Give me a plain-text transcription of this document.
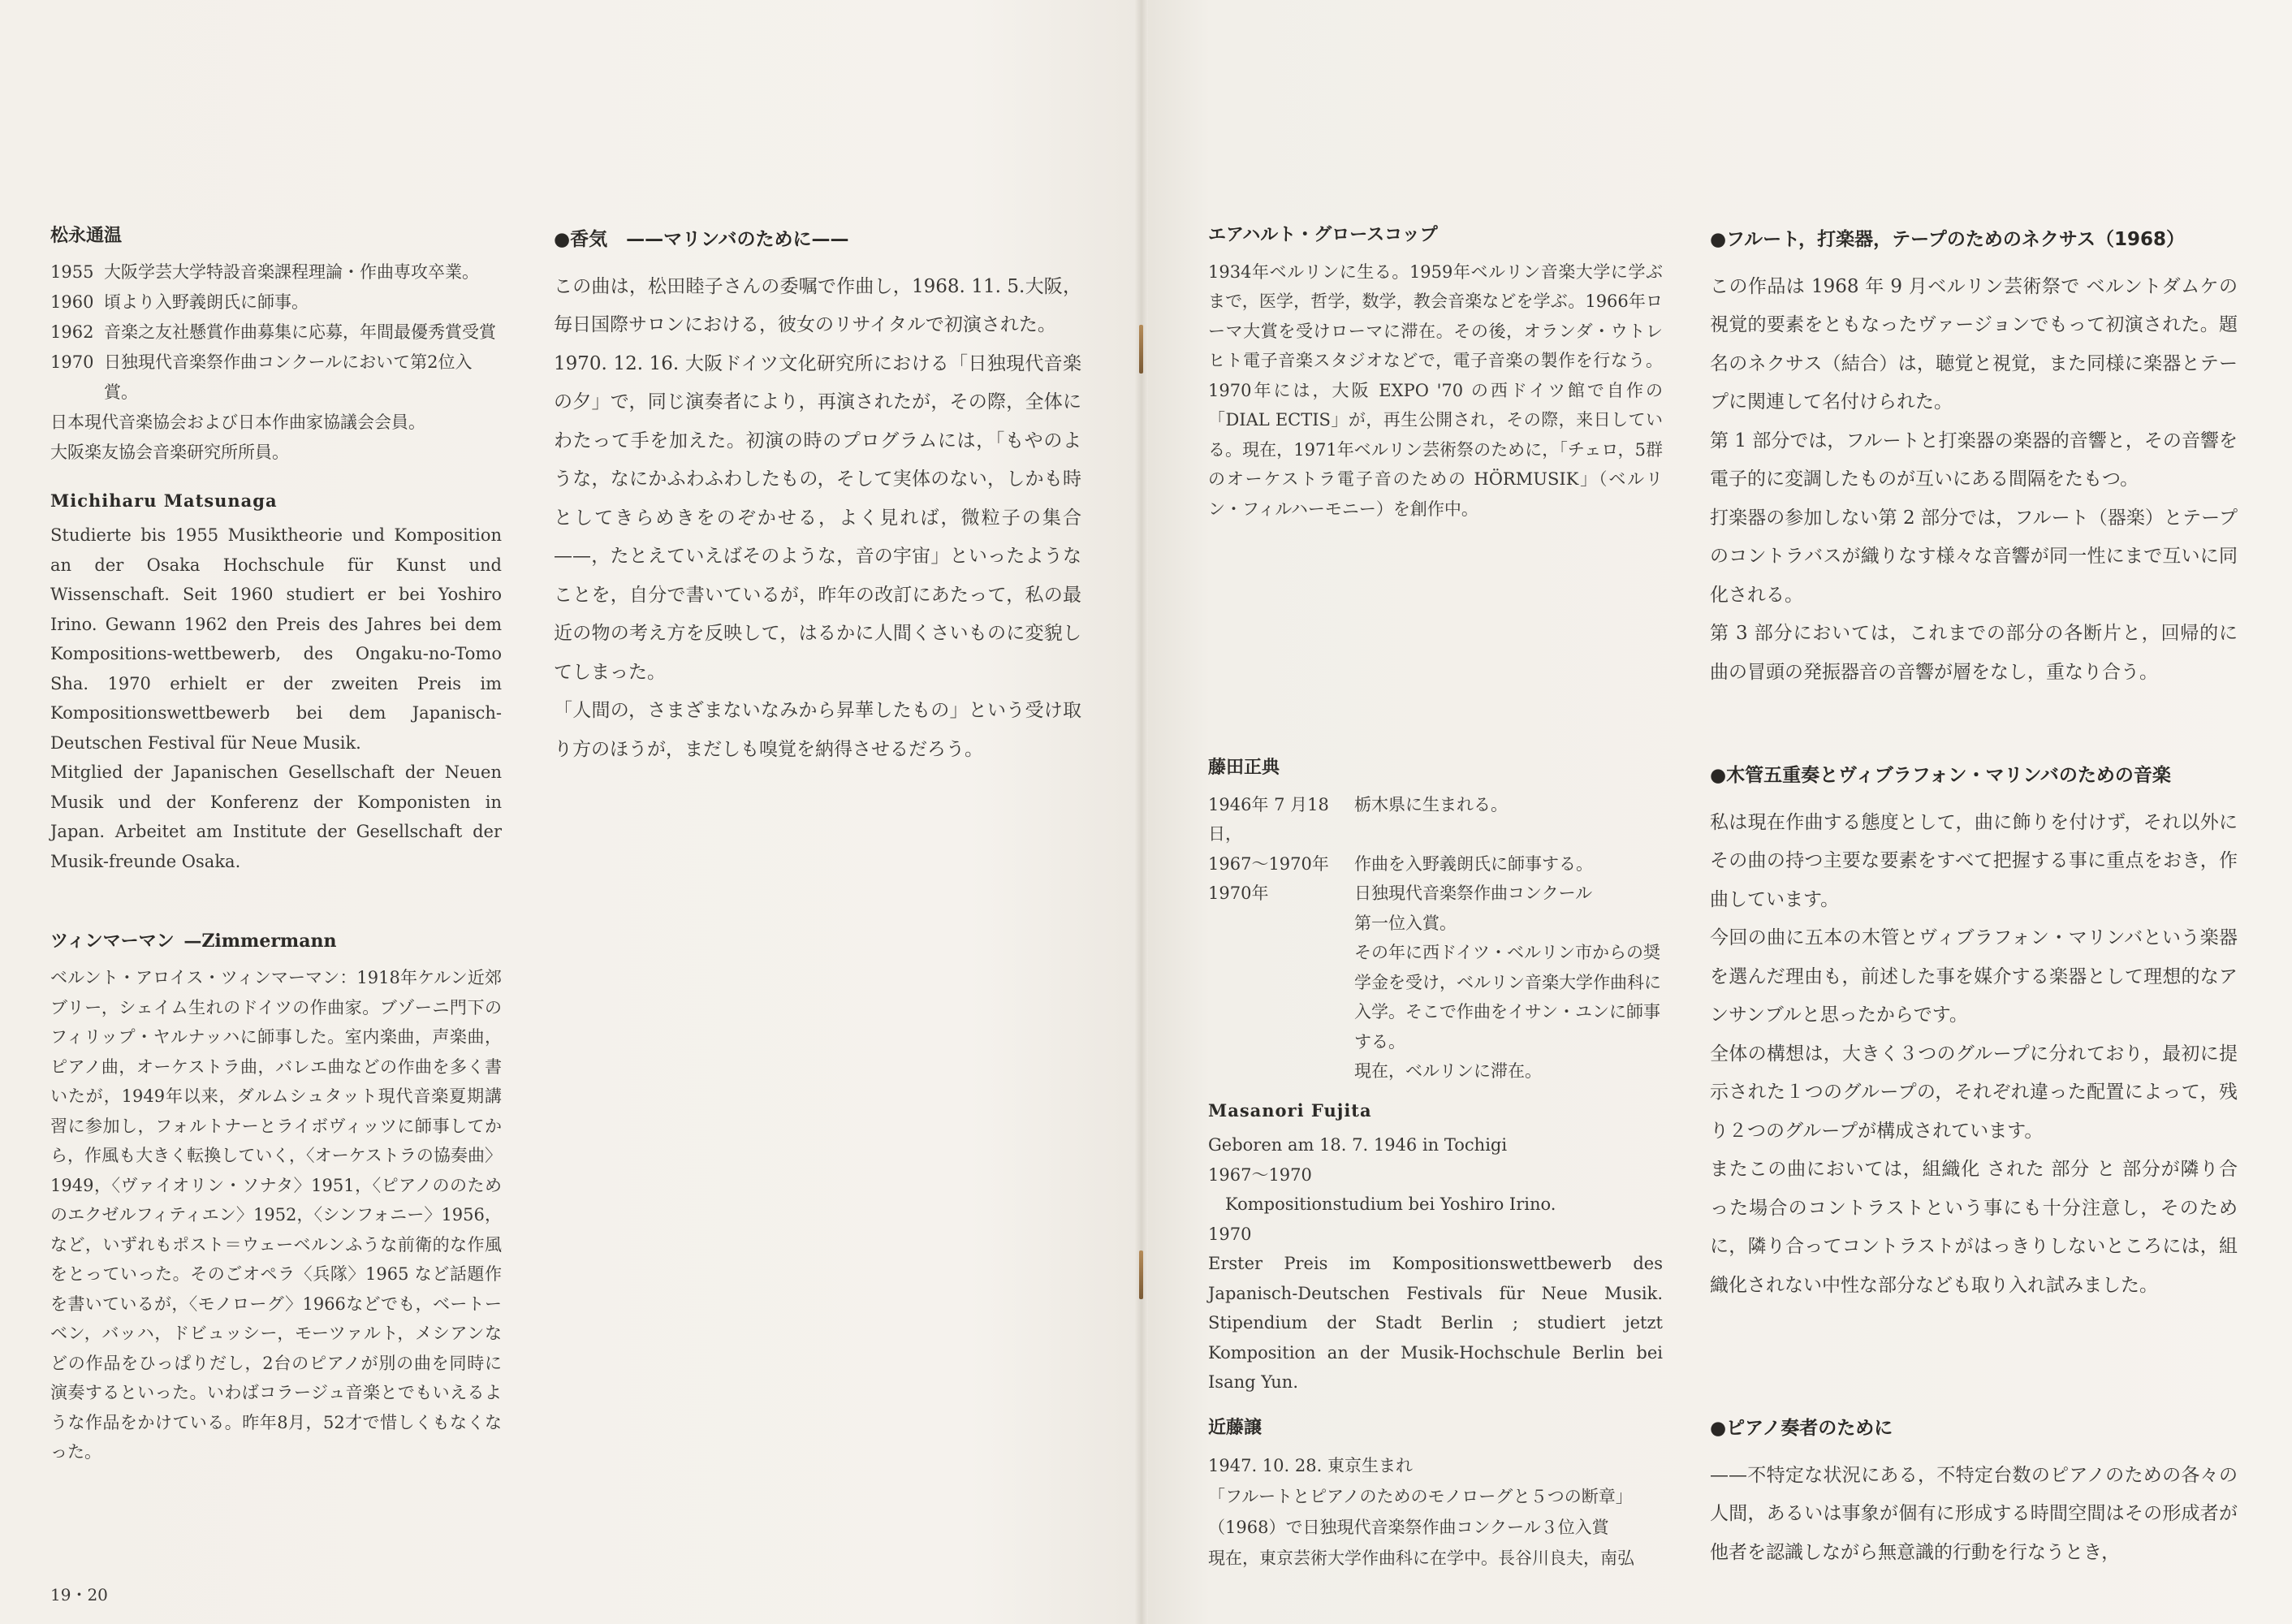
松永通温
1955 大阪学芸大学特設音楽課程理論・作曲専攻卒業。
1960 頃より入野義朗氏に師事。
1962 音楽之友社懸賞作曲募集に応募，年間最優秀賞受賞
1970 日独現代音楽祭作曲コンクールにおいて第2位入賞。
日本現代音楽協会および日本作曲家協議会会員。
大阪楽友協会音楽研究所所員。
Michiharu Matsunaga

Studierte bis 1955 Musiktheorie und Komposition an der Osaka Hochschule für Kunst und Wissenschaft. Seit 1960 studiert er bei Yoshiro Irino. Gewann 1962 den Preis des Jahres bei dem Kompositions-wettbewerb, des Ongaku-no-Tomo Sha. 1970 erhielt er der zweiten Preis im Kompositionswettbewerb bei dem Japanisch-Deutschen Festival für Neue Musik.

Mitglied der Japanischen Gesellschaft der Neuen Musik und der Konferenz der Komponisten in Japan. Arbeitet am Institute der Gesellschaft der Musik-freunde Osaka.

ツィンマーマン —Zimmermann

ベルント・アロイス・ツィンマーマン：1918年ケルン近郊ブリー，シェイム生れのドイツの作曲家。ブゾーニ門下のフィリップ・ヤルナッハに師事した。室内楽曲，声楽曲，ピアノ曲，オーケストラ曲，バレエ曲などの作曲を多く書いたが，1949年以来，ダルムシュタット現代音楽夏期講習に参加し，フォルトナーとライボヴィッツに師事してから，作風も大きく転換していく，〈オーケストラの協奏曲〉1949，〈ヴァイオリン・ソナタ〉1951，〈ピアノののためのエクゼルフィティエン〉1952，〈シンフォニー〉1956，など，いずれもポスト＝ウェーベルンふうな前衛的な作風をとっていった。そのごオペラ〈兵隊〉1965 など話題作を書いているが，〈モノローグ〉1966などでも，ベートーベン，バッハ，ドビュッシー，モーツァルト，メシアンなどの作品をひっぱりだし，2台のピアノが別の曲を同時に演奏するといった。いわばコラージュ音楽とでもいえるような作品をかけている。昨年8月，52才で惜しくもなくなった。

●香気　——マリンバのために——

この曲は，松田睦子さんの委嘱で作曲し，1968. 11. 5.大阪，毎日国際サロンにおける，彼女のリサイタルで初演された。

1970. 12. 16. 大阪ドイツ文化研究所における「日独現代音楽の夕」で，同じ演奏者により，再演されたが，その際，全体にわたって手を加えた。初演の時のプログラムには，「もやのような，なにかふわふわしたもの，そして実体のない，しかも時としてきらめきをのぞかせる，よく見れば，微粒子の集合——，たとえていえばそのような，音の宇宙」といったようなことを，自分で書いているが，昨年の改訂にあたって，私の最近の物の考え方を反映して，はるかに人間くさいものに変貌してしまった。

「人間の，さまざまないなみから昇華したもの」という受け取り方のほうが，まだしも嗅覚を納得させるだろう。

19・20
エアハルト・グロースコップ

1934年ベルリンに生る。1959年ベルリン音楽大学に学ぶまで，医学，哲学，数学，教会音楽などを学ぶ。1966年ローマ大賞を受けローマに滞在。その後，オランダ・ウトレヒト電子音楽スタジオなどで，電子音楽の製作を行なう。1970年には，大阪 EXPO '70 の西ドイツ館で自作の「DIAL ECTIS」が，再生公開され，その際，来日している。現在，1971年ベルリン芸術祭のために，「チェロ，5群のオーケストラ電子音のための HÖRMUSIK」（ベルリン・フィルハーモニー）を創作中。

藤田正典
1946年 7 月18日，
栃木県に生まれる。
1967〜1970年	作曲を入野義朗氏に師事する。
1970年	日独現代音楽祭作曲コンクール
第一位入賞。
その年に西ドイツ・ベルリン市からの奨学金を受け，ベルリン音楽大学作曲科に入学。そこで作曲をイサン・ユンに師事する。
現在，ベルリンに滞在。
Masanori Fujita
Geboren am 18. 7. 1946 in Tochigi
1967〜1970
　Kompositionstudium bei Yoshiro Irino.
1970

Erster Preis im Kompositionswettbewerb des Japanisch-Deutschen Festivals für Neue Musik. Stipendium der Stadt Berlin ; studiert jetzt Komposition an der Musik-Hochschule Berlin bei Isang Yun.

近藤譲
1947. 10. 28. 東京生まれ
「フルートとピアノのためのモノローグと５つの断章」（1968）で日独現代音楽祭作曲コンクール３位入賞
現在，東京芸術大学作曲科に在学中。長谷川良夫，南弘
●フルート，打楽器，テープのためのネクサス（1968）

この作品は 1968 年 9 月ベルリン芸術祭で ベルントダムケの視覚的要素をともなったヴァージョンでもって初演された。題名のネクサス（結合）は，聴覚と視覚，また同様に楽器とテープに関連して名付けられた。

第 1 部分では，フルートと打楽器の楽器的音響と，その音響を電子的に変調したものが互いにある間隔をたもつ。

打楽器の参加しない第 2 部分では，フルート（器楽）とテープのコントラバスが織りなす様々な音響が同一性にまで互いに同化される。

第 3 部分においては，これまでの部分の各断片と，回帰的に曲の冒頭の発振器音の音響が層をなし，重なり合う。

●木管五重奏とヴィブラフォン・マリンバのための音楽

私は現在作曲する態度として，曲に飾りを付けず，それ以外にその曲の持つ主要な要素をすべて把握する事に重点をおき，作曲しています。

今回の曲に五本の木管とヴィブラフォン・マリンバという楽器を選んだ理由も，前述した事を媒介する楽器として理想的なアンサンブルと思ったからです。

全体の構想は，大きく３つのグループに分れており，最初に提示された１つのグループの，それぞれ違った配置によって，残り２つのグループが構成されています。

またこの曲においては，組織化 された 部分 と 部分が隣り合った場合のコントラストという事にも十分注意し，そのために，隣り合ってコントラストがはっきりしないところには，組織化されない中性な部分なども取り入れ試みました。

●ピアノ奏者のために

——不特定な状況にある，不特定台数のピアノのための各々の人間，あるいは事象が個有に形成する時間空間はその形成者が他者を認識しながら無意識的行動を行なうとき，
